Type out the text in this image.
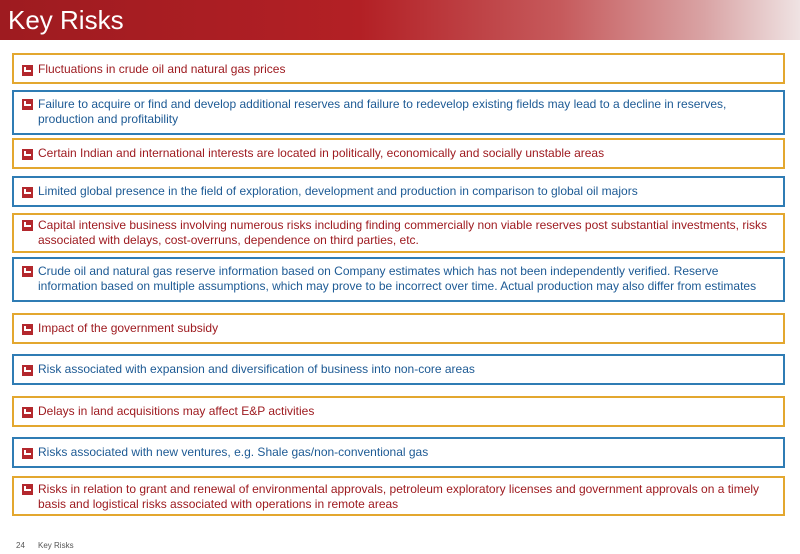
Key Risks
Fluctuations in crude oil and natural gas prices
Failure to acquire or find and develop additional reserves and failure to redevelop existing fields may lead to a decline in reserves, production and profitability
Certain Indian and international interests are located in politically, economically and socially unstable areas
Limited global presence in the field of exploration, development and production in comparison to global oil majors
Capital intensive business involving numerous risks including finding commercially non viable reserves post substantial investments, risks associated with delays, cost-overruns, dependence on third parties, etc.
Crude oil and natural gas reserve information based on Company estimates which has not been independently verified. Reserve information based on multiple assumptions, which may prove to be incorrect over time. Actual production may also differ from estimates
Impact of the government subsidy
Risk associated with expansion and diversification of business into non-core areas
Delays in land acquisitions may affect E&P activities
Risks associated with new ventures, e.g. Shale gas/non-conventional gas
Risks in relation to grant and renewal of environmental approvals, petroleum exploratory licenses and government approvals on a timely basis and logistical risks associated with operations in remote areas
24 Key Risks
